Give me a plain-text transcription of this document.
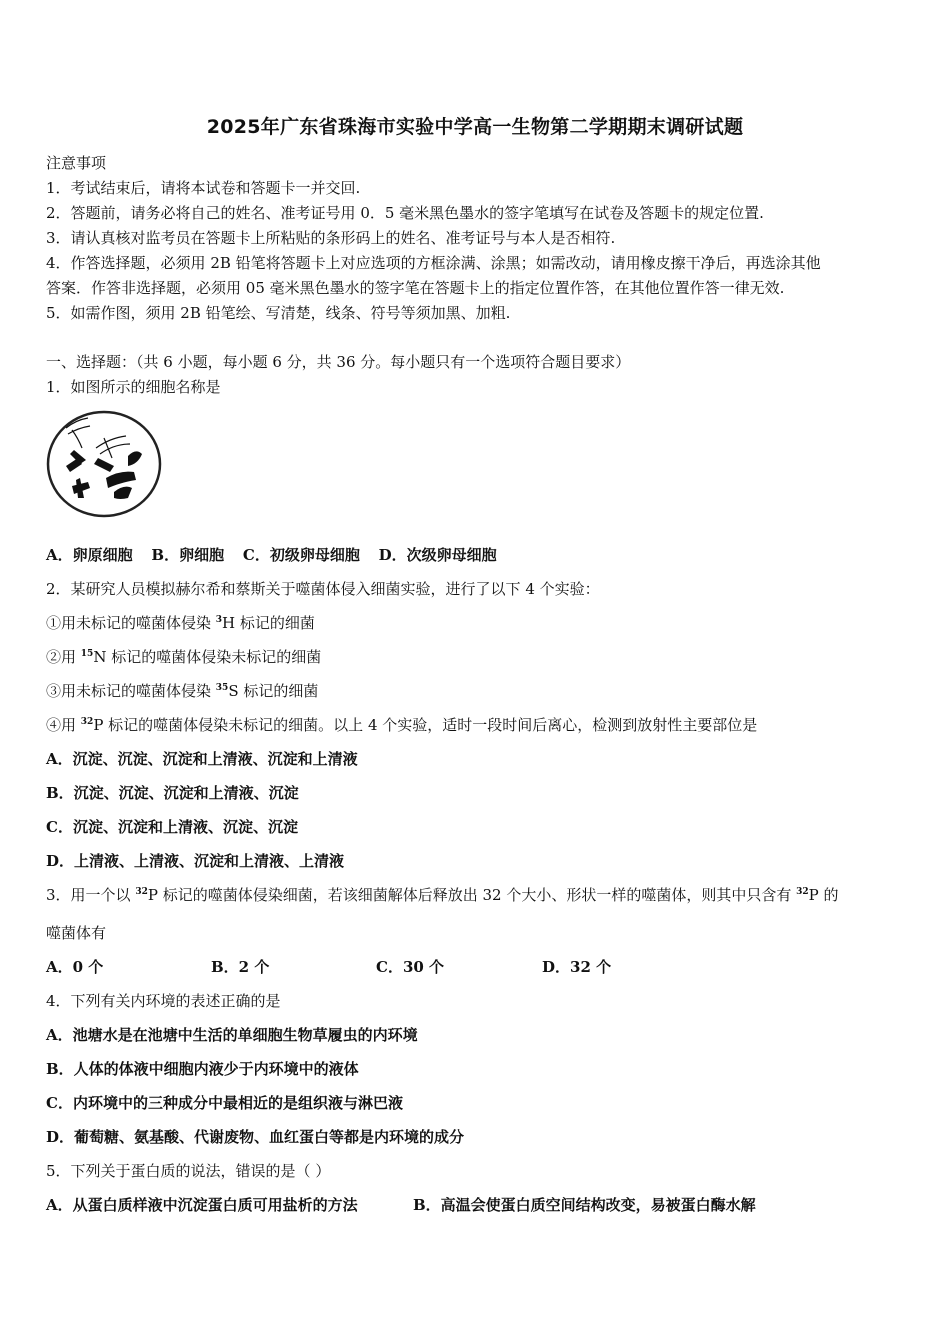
2025年广东省珠海市实验中学高一生物第二学期期末调研试题
注意事项
1．考试结束后，请将本试卷和答题卡一并交回.
2．答题前，请务必将自己的姓名、准考证号用 0．5 毫米黑色墨水的签字笔填写在试卷及答题卡的规定位置.
3．请认真核对监考员在答题卡上所粘贴的条形码上的姓名、准考证号与本人是否相符.
4．作答选择题，必须用 2B 铅笔将答题卡上对应选项的方框涂满、涂黑；如需改动，请用橡皮擦干净后，再选涂其他
答案．作答非选择题，必须用 05 毫米黑色墨水的签字笔在答题卡上的指定位置作答，在其他位置作答一律无效.
5．如需作图，须用 2B 铅笔绘、写清楚，线条、符号等须加黑、加粗.
一、选择题：（共 6 小题，每小题 6 分，共 36 分。每小题只有一个选项符合题目要求）
1．如图所示的细胞名称是
A．卵原细胞 B．卵细胞 C．初级卵母细胞 D．次级卵母细胞
2．某研究人员模拟赫尔希和蔡斯关于噬菌体侵入细菌实验，进行了以下 4 个实验：
①用未标记的噬菌体侵染 $^3$H 标记的细菌
②用 $^{15}$N 标记的噬菌体侵染未标记的细菌
③用未标记的噬菌体侵染 $^{35}$S 标记的细菌
④用 $^{32}$P 标记的噬菌体侵染未标记的细菌。以上 4 个实验，适时一段时间后离心，检测到放射性主要部位是
A．沉淀、沉淀、沉淀和上清液、沉淀和上清液
B．沉淀、沉淀、沉淀和上清液、沉淀
C．沉淀、沉淀和上清液、沉淀、沉淀
D．上清液、上清液、沉淀和上清液、上清液
3．用一个以 $^{32}$P 标记的噬菌体侵染细菌，若该细菌解体后释放出 32 个大小、形状一样的噬菌体，则其中只含有 $^{32}$P 的
噬菌体有
A．0 个	B．2 个	C．30 个	D．32 个
4．下列有关内环境的表述正确的是
A．池塘水是在池塘中生活的单细胞生物草履虫的内环境
B．人体的体液中细胞内液少于内环境中的液体
C．内环境中的三种成分中最相近的是组织液与淋巴液
D．葡萄糖、氨基酸、代谢废物、血红蛋白等都是内环境的成分
5．下列关于蛋白质的说法，错误的是（ ）
A．从蛋白质样液中沉淀蛋白质可用盐析的方法	B．高温会使蛋白质空间结构改变，易被蛋白酶水解
